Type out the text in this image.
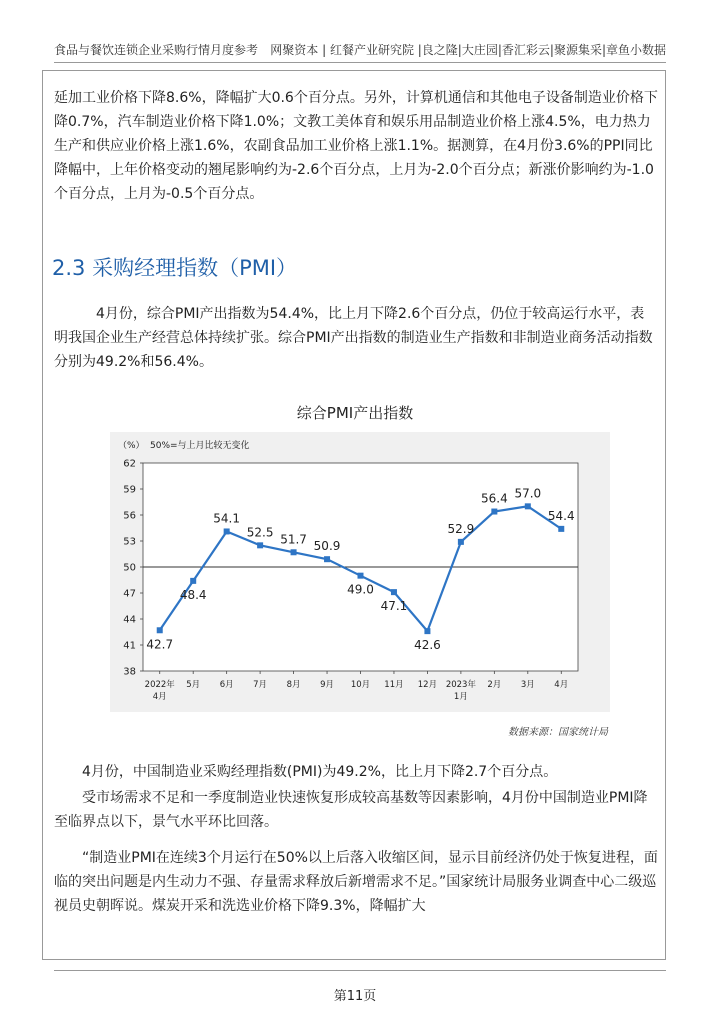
食品与餐饮连锁企业采购行情月度参考 网聚资本 | 红餐产业研究院 |良之隆|大庄园|香汇彩云|聚源集采|章鱼小数据

延加工业价格下降8.6%，降幅扩大0.6个百分点。另外，计算机通信和其他电子设备制造业价格下降0.7%，汽车制造业价格下降1.0%；文教工美体育和娱乐用品制造业价格上涨4.5%，电力热力生产和供应业价格上涨1.6%，农副食品加工业价格上涨1.1%。据测算，在4月份3.6%的PPI同比降幅中，上年价格变动的翘尾影响约为-2.6个百分点，上月为-2.0个百分点；新涨价影响约为-1.0个百分点，上月为-0.5个百分点。

2.3 采购经理指数（PMI）

4月份，综合PMI产出指数为54.4%，比上月下降2.6个百分点，仍位于较高运行水平，表明我国企业生产经营总体持续扩张。综合PMI产出指数的制造业生产指数和非制造业商务活动指数分别为49.2%和56.4%。

综合PMI产出指数
（%） 50%=与上月比较无变化
38
41
44
47
50
53
56
59
62
2022年
4月
5月 6月 7月 8月 9月 10月 11月 12月 2023年
1月
2月 3月 4月
42.7
48.4
54.1
52.5 51.7 50.9
49.0
47.1
42.6
52.9
56.4 57.0
54.4
数据来源：国家统计局

4月份，中国制造业采购经理指数(PMI)为49.2%，比上月下降2.7个百分点。

受市场需求不足和一季度制造业快速恢复形成较高基数等因素影响，4月份中国制造业PMI降至临界点以下，景气水平环比回落。

“制造业PMI在连续3个月运行在50%以上后落入收缩区间，显示目前经济仍处于恢复进程，面临的突出问题是内生动力不强、存量需求释放后新增需求不足。”国家统计局服务业调查中心二级巡视员史朝晖说。煤炭开采和洗选业价格下降9.3%，降幅扩大

第11页
